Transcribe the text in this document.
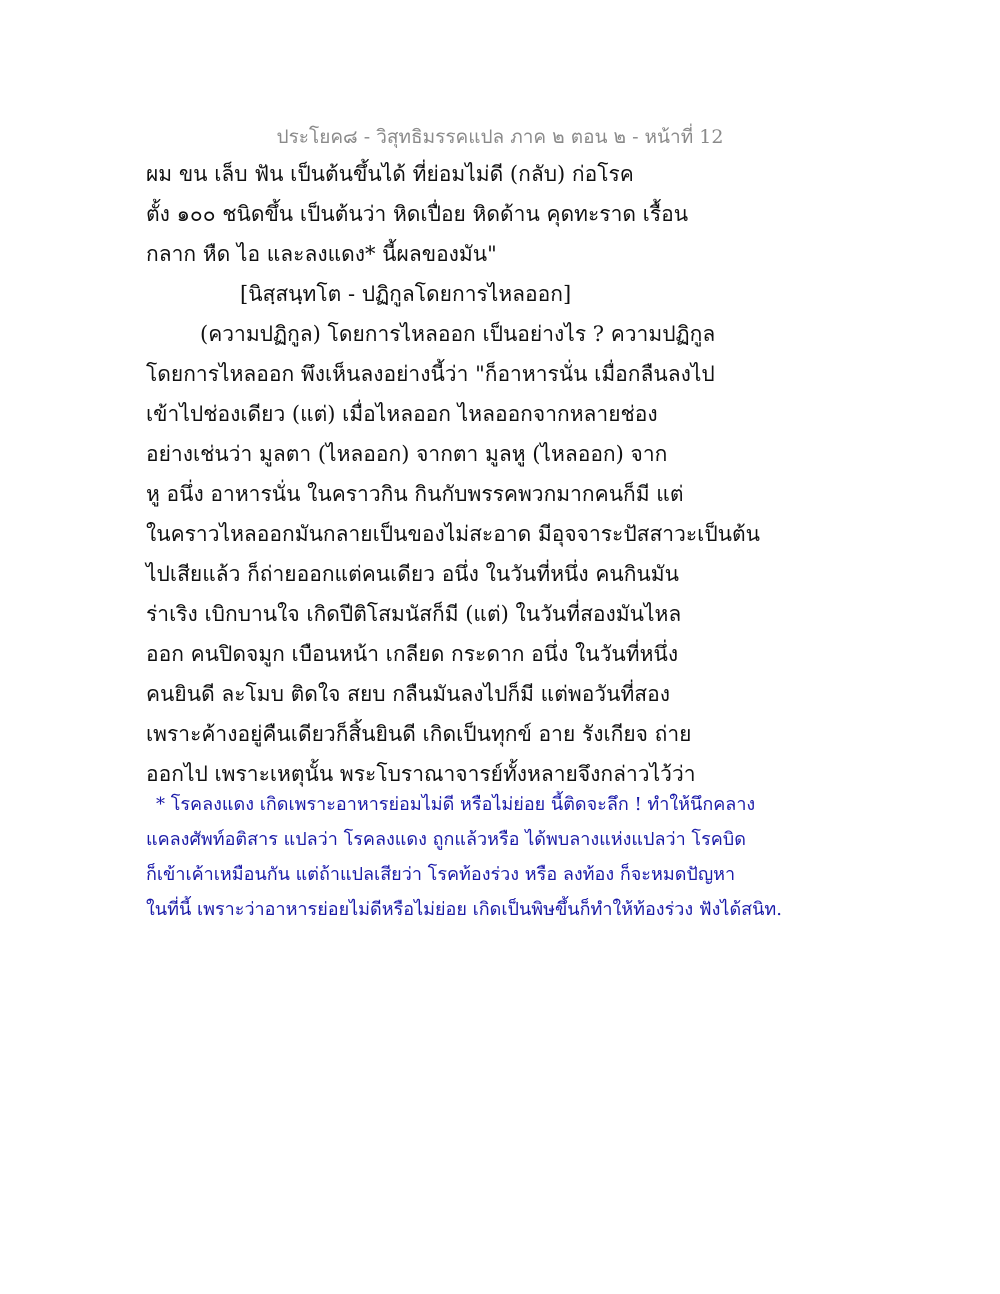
ประโยค๘ - วิสุทธิมรรคแปล ภาค ๒ ตอน ๒ - หน้าที่ 12
ผม ขน เล็บ ฟัน เป็นต้นขึ้นได้ ที่ย่อมไม่ดี (กลับ) ก่อโรค
ตั้ง ๑๐๐ ชนิดขึ้น เป็นต้นว่า หิดเปื่อย หิดด้าน คุดทะราด เรื้อน
กลาก หืด ไอ และลงแดง* นี้ผลของมัน"
[นิสฺสนฺทโต - ปฏิกูลโดยการไหลออก]
(ความปฏิกูล) โดยการไหลออก เป็นอย่างไร ? ความปฏิกูล
โดยการไหลออก พึงเห็นลงอย่างนี้ว่า "ก็อาหารนั่น เมื่อกลืนลงไป
เข้าไปช่องเดียว (แต่) เมื่อไหลออก ไหลออกจากหลายช่อง
อย่างเช่นว่า มูลตา (ไหลออก) จากตา มูลหู (ไหลออก) จาก
หู อนึ่ง อาหารนั่น ในคราวกิน กินกับพรรคพวกมากคนก็มี แต่
ในคราวไหลออกมันกลายเป็นของไม่สะอาด มีอุจจาระปัสสาวะเป็นต้น
ไปเสียแล้ว ก็ถ่ายออกแต่คนเดียว อนึ่ง ในวันที่หนึ่ง คนกินมัน
ร่าเริง เบิกบานใจ เกิดปีติโสมนัสก็มี (แต่) ในวันที่สองมันไหล
ออก คนปิดจมูก เบือนหน้า เกลียด กระดาก อนึ่ง ในวันที่หนึ่ง
คนยินดี ละโมบ ติดใจ สยบ กลืนมันลงไปก็มี แต่พอวันที่สอง
เพราะค้างอยู่คืนเดียวก็สิ้นยินดี เกิดเป็นทุกข์ อาย รังเกียจ ถ่าย
ออกไป เพราะเหตุนั้น พระโบราณาจารย์ทั้งหลายจึงกล่าวไว้ว่า
* โรคลงแดง เกิดเพราะอาหารย่อมไม่ดี หรือไม่ย่อย นี้ติดจะลึก ! ทำให้นึกคลาง
แคลงศัพท์อติสาร แปลว่า โรคลงแดง ถูกแล้วหรือ ได้พบลางแห่งแปลว่า โรคบิด
ก็เข้าเค้าเหมือนกัน แต่ถ้าแปลเสียว่า โรคท้องร่วง หรือ ลงท้อง ก็จะหมดปัญหา
ในที่นี้ เพราะว่าอาหารย่อยไม่ดีหรือไม่ย่อย เกิดเป็นพิษขึ้นก็ทำให้ท้องร่วง ฟังได้สนิท.
